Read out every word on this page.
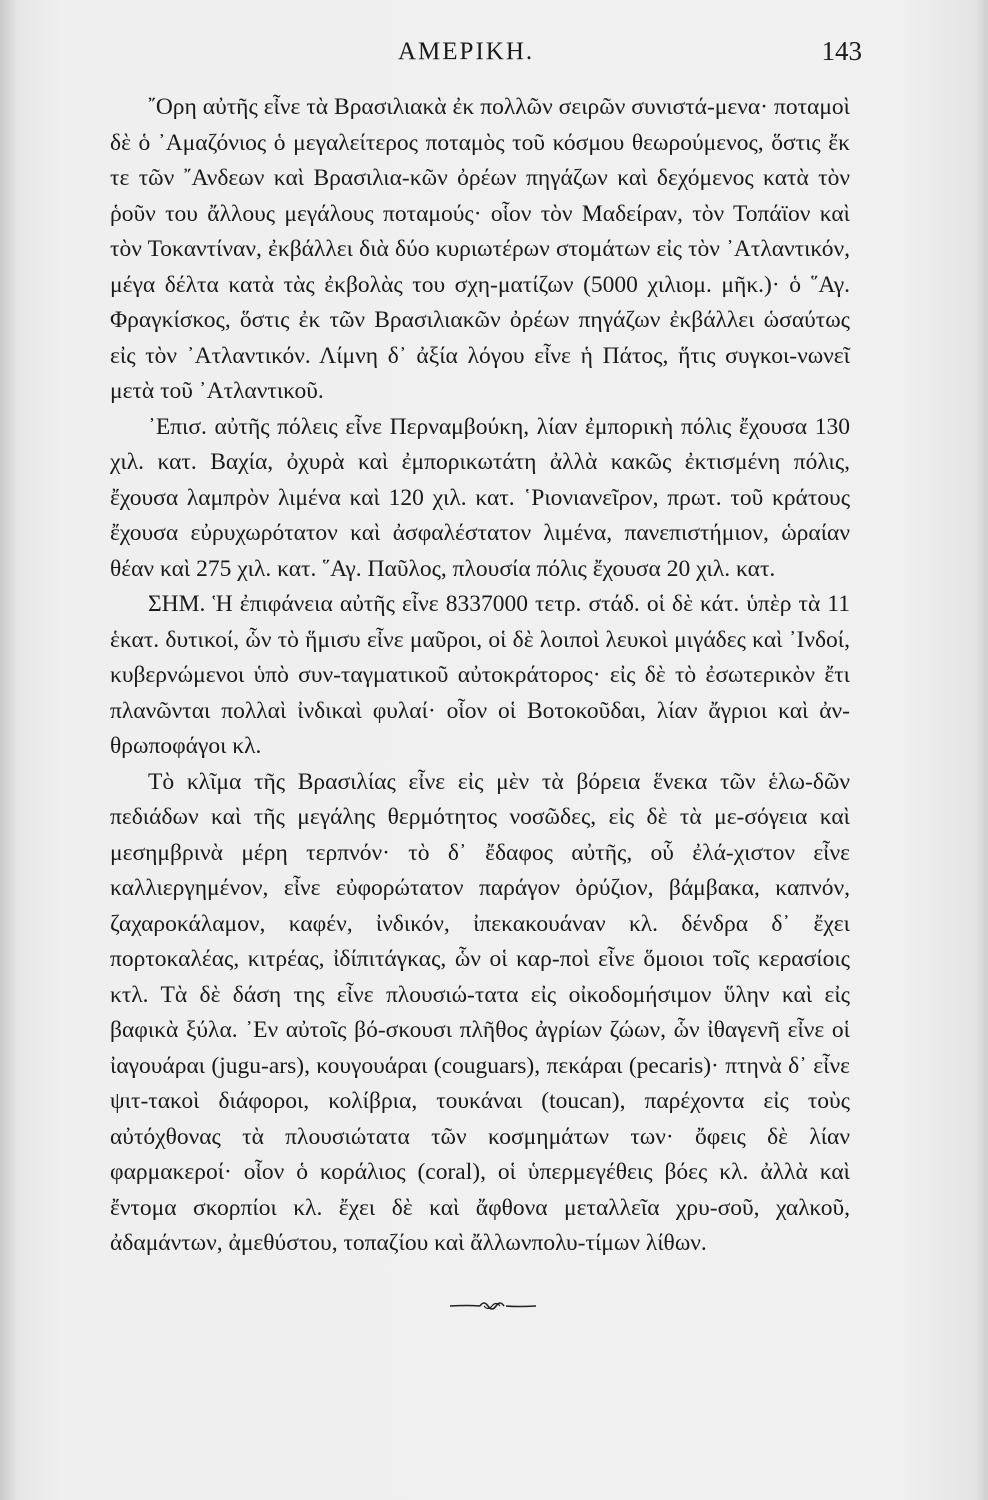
ΑΜΕΡΙΚΗ.	143

῎Ορη αὐτῆς εἶνε τὰ Βρασιλιακὰ ἐκ πολλῶν σειρῶν συνιστά-μενα· ποταμοὶ δὲ ὁ ᾿Αμαζόνιος ὁ μεγαλείτερος ποταμὸς τοῦ κόσμου θεωρούμενος, ὅστις ἔκ τε τῶν ῎Ανδεων καὶ Βρασιλια-κῶν ὀρέων πηγάζων καὶ δεχόμενος κατὰ τὸν ῥοῦν του ἄλλους μεγάλους ποταμούς· οἷον τὸν Μαδείραν, τὸν Τοπάϊον καὶ τὸν Τοκαντίναν, ἐκβάλλει διὰ δύο κυριωτέρων στομάτων εἰς τὸν ᾿Ατλαντικόν, μέγα δέλτα κατὰ τὰς ἐκβολὰς του σχη-ματίζων (5000 χιλιομ. μῆκ.)· ὁ ῞Αγ. Φραγκίσκος, ὅστις ἐκ τῶν Βρασιλιακῶν ὀρέων πηγάζων ἐκβάλλει ὡσαύτως εἰς τὸν ᾿Ατλαντικόν. Λίμνη δ᾿ ἀξία λόγου εἶνε ἡ Πάτος, ἥτις συγκοι-νωνεῖ μετὰ τοῦ ᾿Ατλαντικοῦ.

᾿Επισ. αὐτῆς πόλεις εἶνε Περναμβούκη, λίαν ἐμπορικὴ πόλις ἔχουσα 130 χιλ. κατ. Βαχία, ὀχυρὰ καὶ ἐμπορικωτάτη ἀλλὰ κακῶς ἐκτισμένη πόλις, ἔχουσα λαμπρὸν λιμένα καὶ 120 χιλ. κατ. ῾Ριονιανεῖρον, πρωτ. τοῦ κράτους ἔχουσα εὐρυχωρότατον καὶ ἀσφαλέστατον λιμένα, πανεπιστήμιον, ὡραίαν θέαν καὶ 275 χιλ. κατ. ῞Αγ. Παῦλος, πλουσία πόλις ἔχουσα 20 χιλ. κατ.

ΣΗΜ. Ἡ ἐπιφάνεια αὐτῆς εἶνε 8337000 τετρ. στάδ. οἱ δὲ κάτ. ὑπὲρ τὰ 11 ἑκατ. δυτικοί, ὧν τὸ ἥμισυ εἶνε μαῦροι, οἱ δὲ λοιποὶ λευκοὶ μιγάδες καὶ ᾿Ινδοί, κυβερνώμενοι ὑπὸ συν-ταγματικοῦ αὐτοκράτορος· εἰς δὲ τὸ ἐσωτερικὸν ἔτι πλανῶνται πολλαὶ ἰνδικαὶ φυλαί· οἷον οἱ Βοτοκοῦδαι, λίαν ἄγριοι καὶ ἀν-θρωποφάγοι κλ.

Τὸ κλῖμα τῆς Βρασιλίας εἶνε εἰς μὲν τὰ βόρεια ἕνεκα τῶν ἑλω-δῶν πεδιάδων καὶ τῆς μεγάλης θερμότητος νοσῶδες, εἰς δὲ τὰ με-σόγεια καὶ μεσημβρινὰ μέρη τερπνόν· τὸ δ᾿ ἔδαφος αὐτῆς, οὗ ἐλά-χιστον εἶνε καλλιεργημένον, εἶνε εὐφορώτατον παράγον ὀρύζιον, βάμβακα, καπνόν, ζαχαροκάλαμον, καφέν, ἰνδικόν, ἰπεκακουάναν κλ. δένδρα δ᾿ ἔχει πορτοκαλέας, κιτρέας, ἰδίπιτάγκας, ὧν οἱ καρ-ποὶ εἶνε ὅμοιοι τοῖς κερασίοις κτλ. Τὰ δὲ δάση της εἶνε πλουσιώ-τατα εἰς οἰκοδομήσιμον ὕλην καὶ εἰς βαφικὰ ξύλα. ᾿Εν αὐτοῖς βό-σκουσι πλῆθος ἀγρίων ζώων, ὧν ἰθαγενῆ εἶνε οἱ ἰαγουάραι (jugu-ars), κουγουάραι (couguars), πεκάραι (pecaris)· πτηνὰ δ᾿ εἶνε ψιτ-τακοὶ διάφοροι, κολίβρια, τουκάναι (toucan), παρέχοντα εἰς τοὺς αὐτόχθονας τὰ πλουσιώτατα τῶν κοσμημάτων των· ὄφεις δὲ λίαν φαρμακεροί· οἷον ὁ κοράλιος (coral), οἱ ὑπερμεγέθεις βόες κλ. ἀλλὰ καὶ ἔντομα σκορπίοι κλ. ἔχει δὲ καὶ ἄφθονα μεταλλεῖα χρυ-σοῦ, χαλκοῦ, ἀδαμάντων, ἀμεθύστου, τοπαζίου καὶ ἄλλωνπολυ-τίμων λίθων.
